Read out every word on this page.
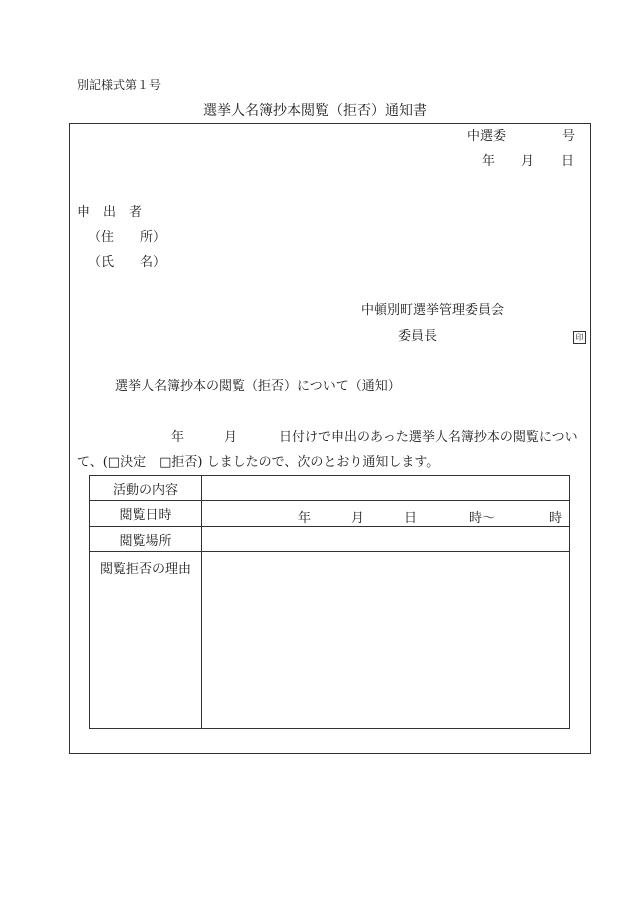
別記様式第１号
選挙人名簿抄本閲覧（拒否）通知書
中選委	号
年 月 日
申　出　者
（住　　所）
（氏　　名）
中頓別町選挙管理委員会
委員長	印
選挙人名簿抄本の閲覧（拒否）について（通知）
年	月	日付けで申出のあった選挙人名簿抄本の閲覧につい
て、(□決定　□拒否) しましたので、次のとおり通知します。
活動の内容	
閲覧日時	年 月 日 時～ 時

閲覧場所	
閲覧拒否の理由	
